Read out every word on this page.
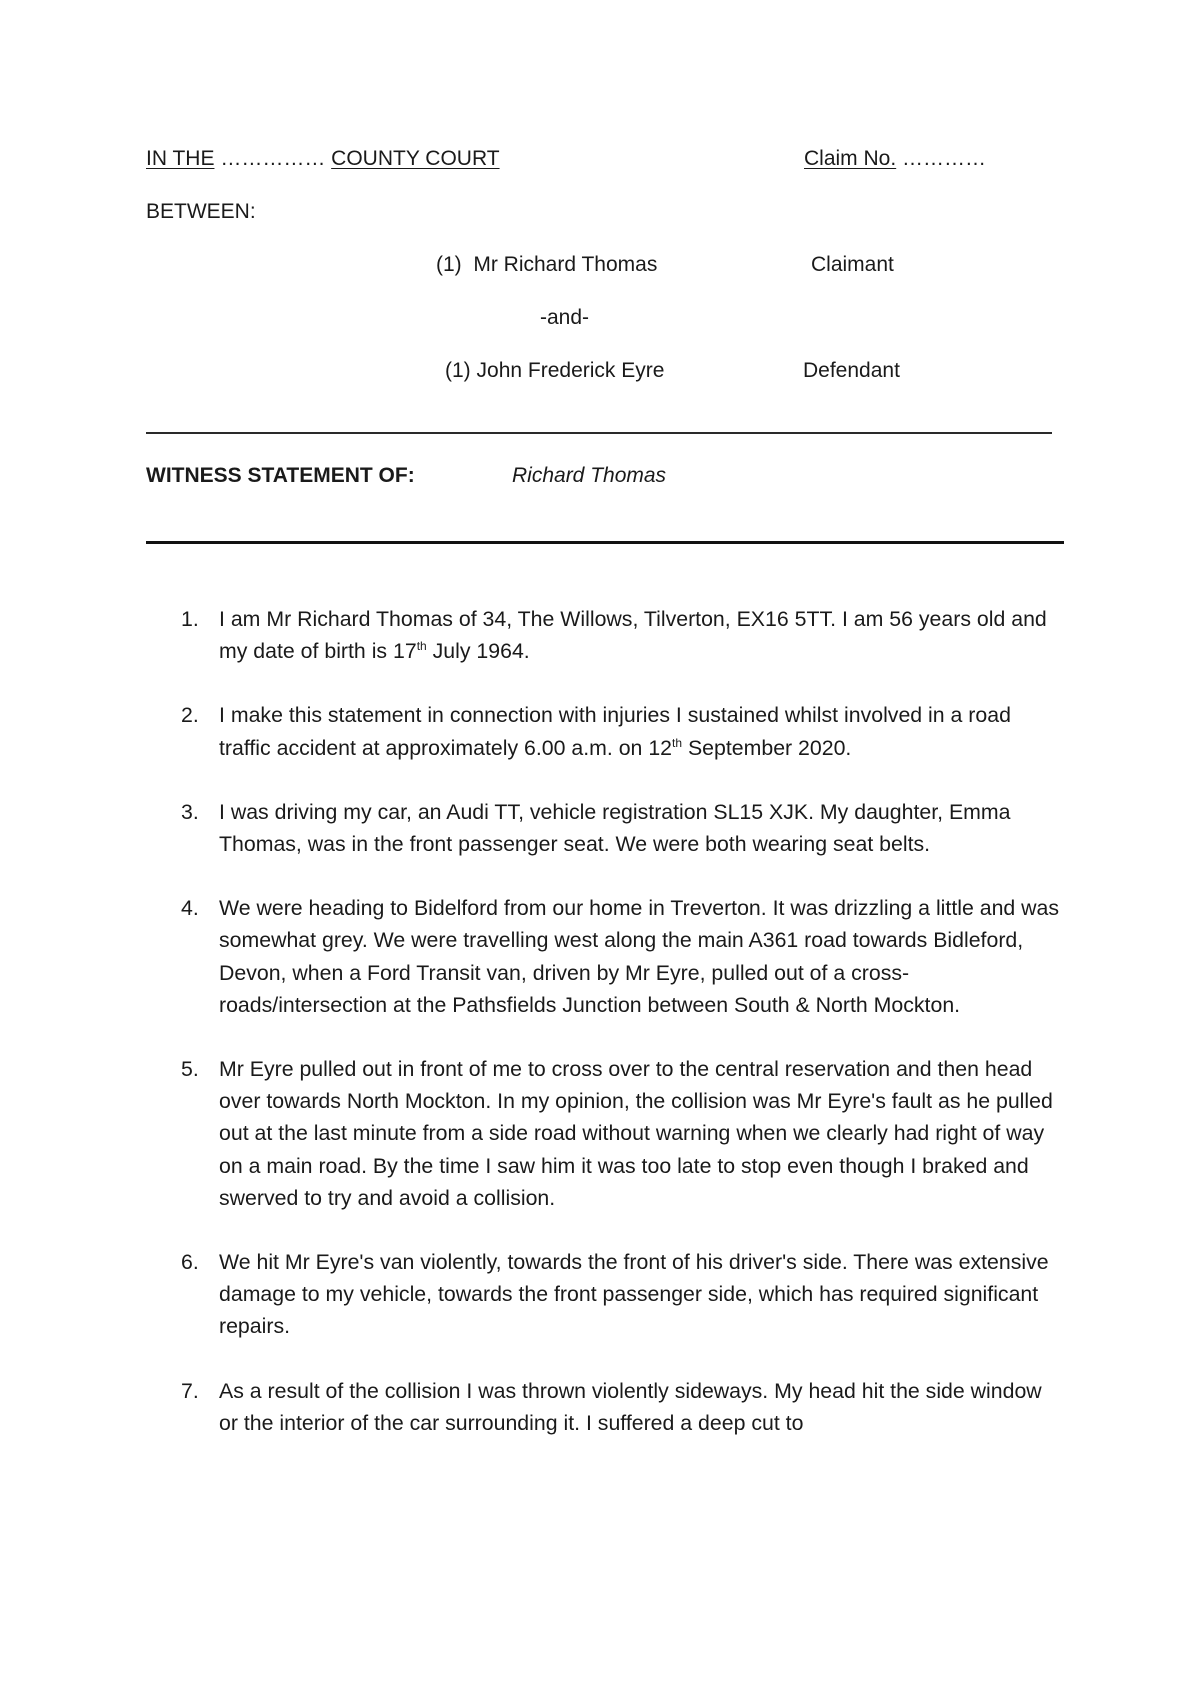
IN THE …………… COUNTY COURT	Claim No. …………
BETWEEN:
(1) Mr Richard Thomas	Claimant
-and-
(1) John Frederick Eyre	Defendant
WITNESS STATEMENT OF:	Richard Thomas
1. I am Mr Richard Thomas of 34, The Willows, Tilverton, EX16 5TT. I am 56 years old and my date of birth is 17th July 1964.
2. I make this statement in connection with injuries I sustained whilst involved in a road traffic accident at approximately 6.00 a.m. on 12th September 2020.
3. I was driving my car, an Audi TT, vehicle registration SL15 XJK. My daughter, Emma Thomas, was in the front passenger seat. We were both wearing seat belts.
4. We were heading to Bidelford from our home in Treverton. It was drizzling a little and was somewhat grey. We were travelling west along the main A361 road towards Bidleford, Devon, when a Ford Transit van, driven by Mr Eyre, pulled out of a cross-roads/intersection at the Pathsfields Junction between South & North Mockton.
5. Mr Eyre pulled out in front of me to cross over to the central reservation and then head over towards North Mockton. In my opinion, the collision was Mr Eyre's fault as he pulled out at the last minute from a side road without warning when we clearly had right of way on a main road. By the time I saw him it was too late to stop even though I braked and swerved to try and avoid a collision.
6. We hit Mr Eyre's van violently, towards the front of his driver's side. There was extensive damage to my vehicle, towards the front passenger side, which has required significant repairs.
7. As a result of the collision I was thrown violently sideways. My head hit the side window or the interior of the car surrounding it. I suffered a deep cut to
